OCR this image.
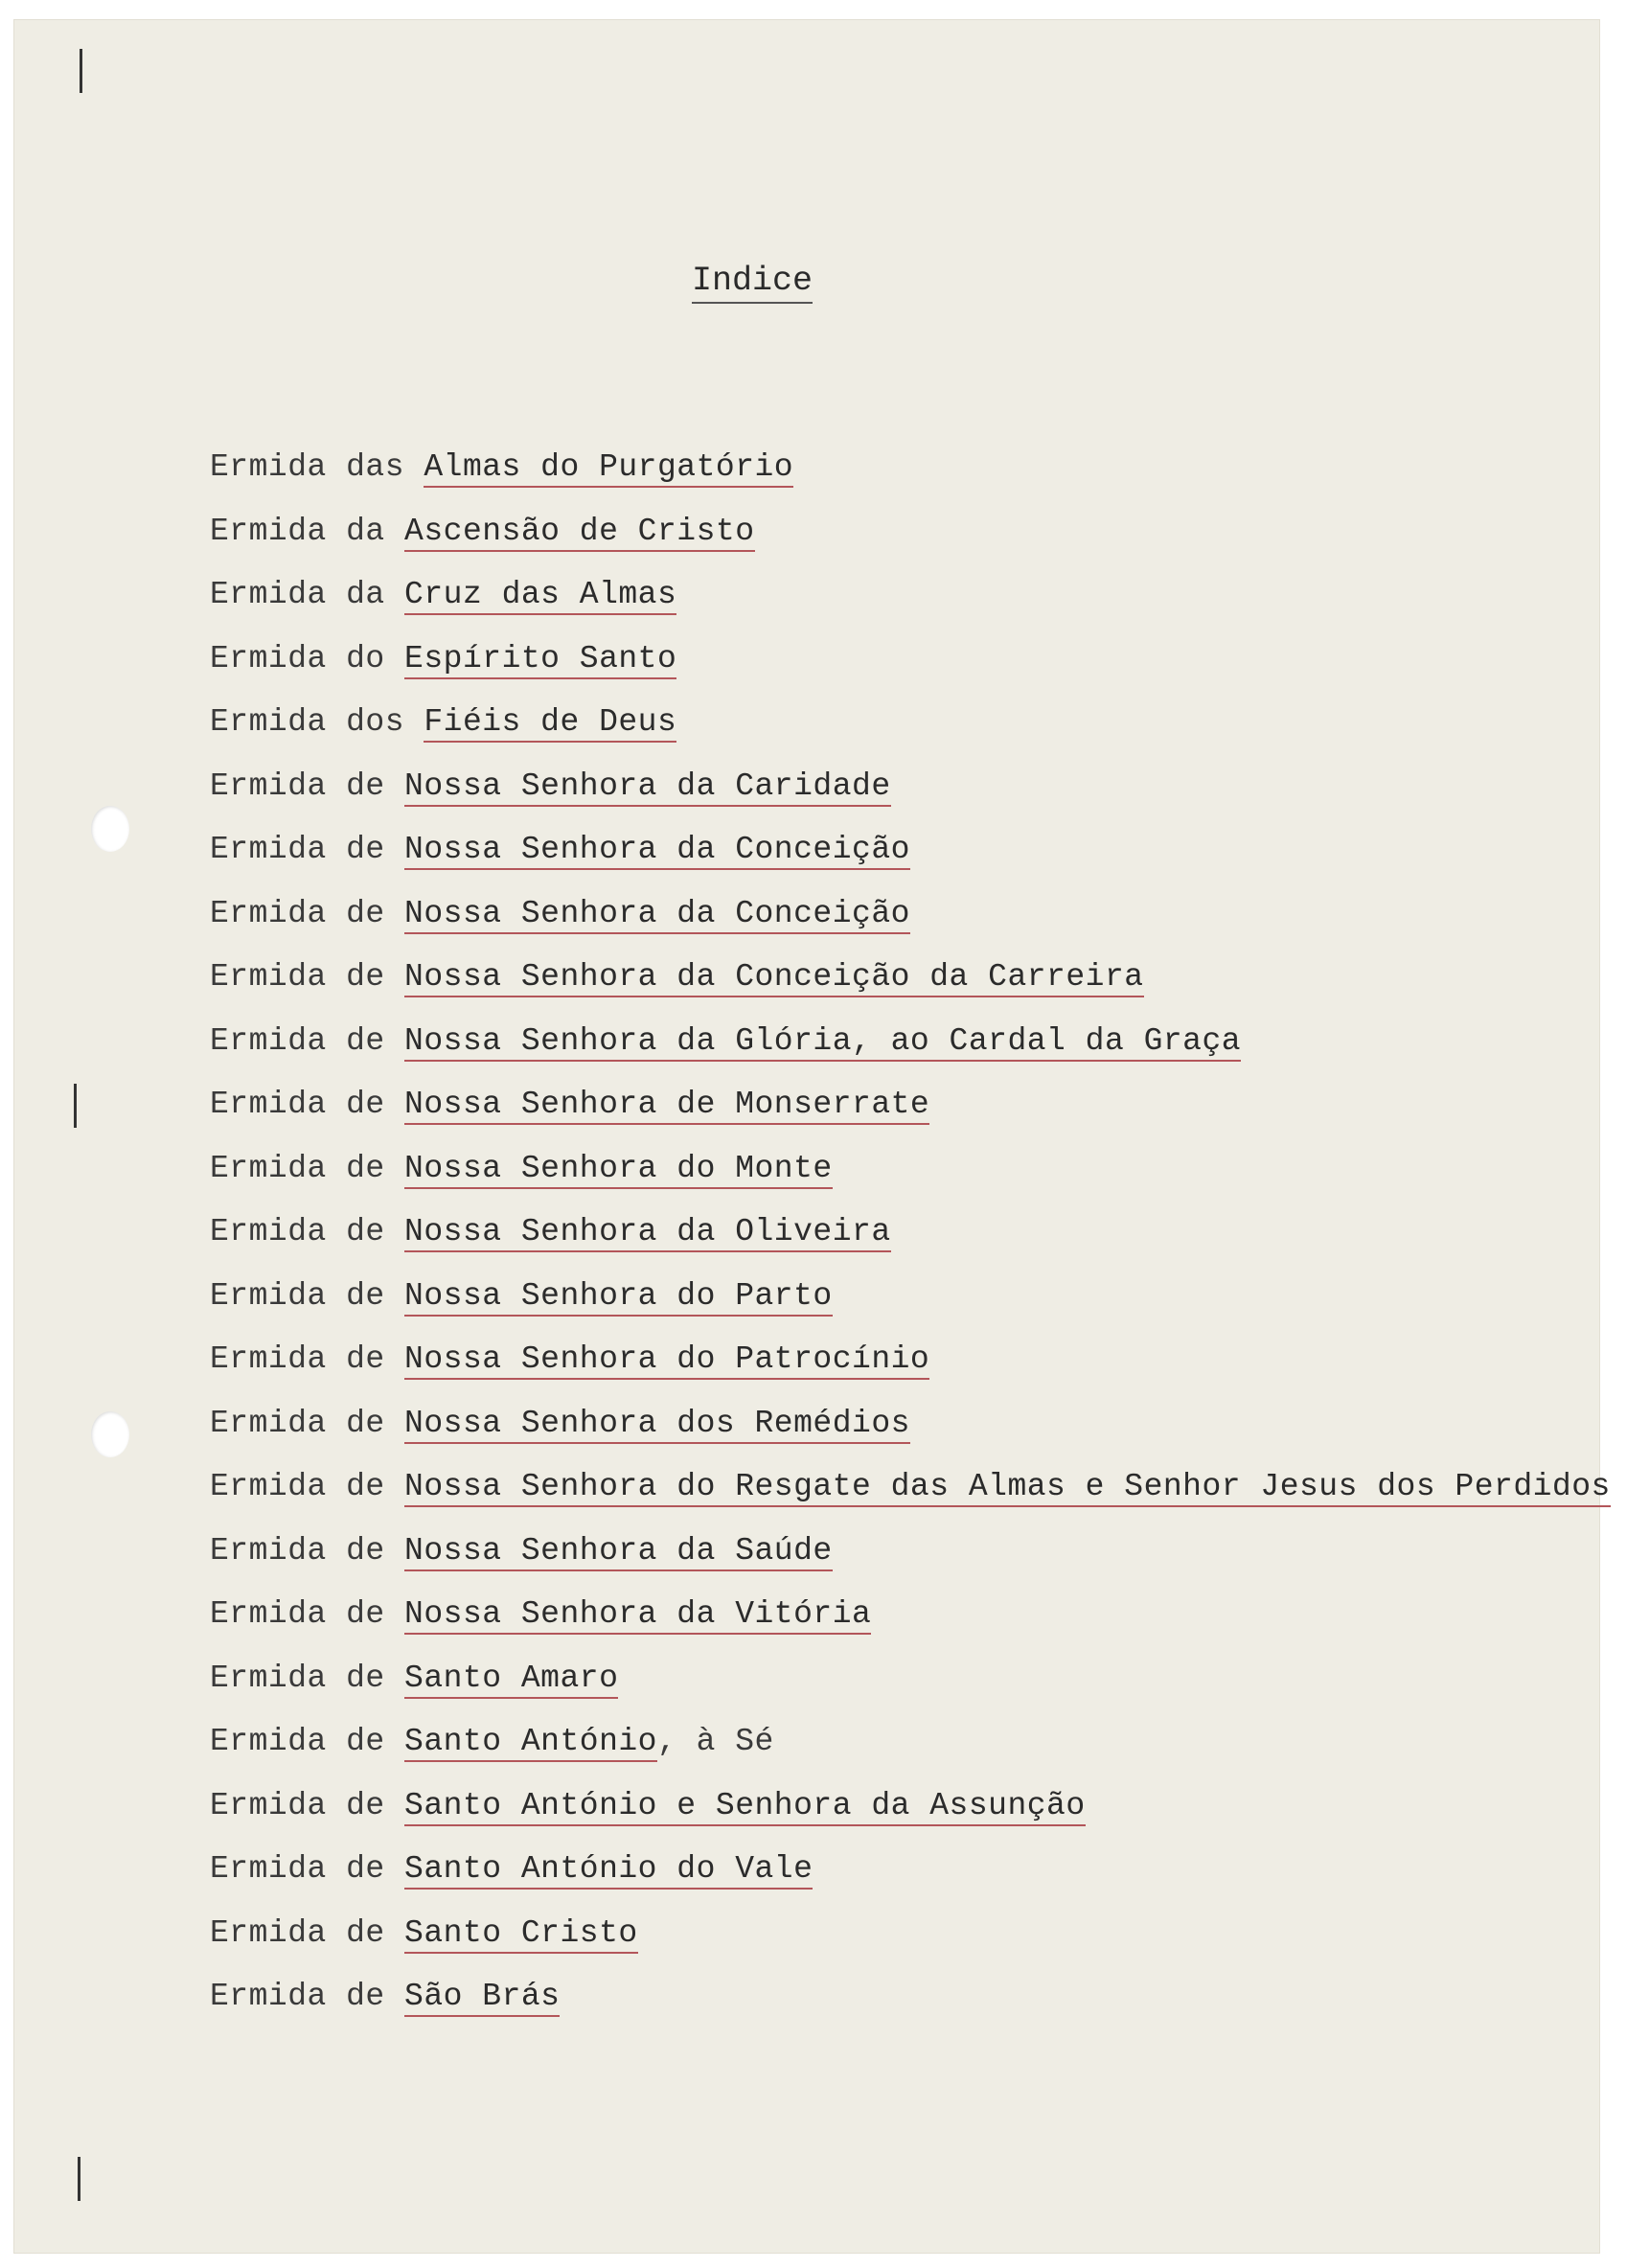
Indice
Ermida das Almas do Purgatório
Ermida da Ascensão de Cristo
Ermida da Cruz das Almas
Ermida do Espírito Santo
Ermida dos Fiéis de Deus
Ermida de Nossa Senhora da Caridade
Ermida de Nossa Senhora da Conceição
Ermida de Nossa Senhora da Conceição
Ermida de Nossa Senhora da Conceição da Carreira
Ermida de Nossa Senhora da Glória, ao Cardal da Graça
Ermida de Nossa Senhora de Monserrate
Ermida de Nossa Senhora do Monte
Ermida de Nossa Senhora da Oliveira
Ermida de Nossa Senhora do Parto
Ermida de Nossa Senhora do Patrocínio
Ermida de Nossa Senhora dos Remédios
Ermida de Nossa Senhora do Resgate das Almas e Senhor Jesus dos Perdidos
Ermida de Nossa Senhora da Saúde
Ermida de Nossa Senhora da Vitória
Ermida de Santo Amaro
Ermida de Santo António, à Sé
Ermida de Santo António e Senhora da Assunção
Ermida de Santo António do Vale
Ermida de Santo Cristo
Ermida de São Brás
